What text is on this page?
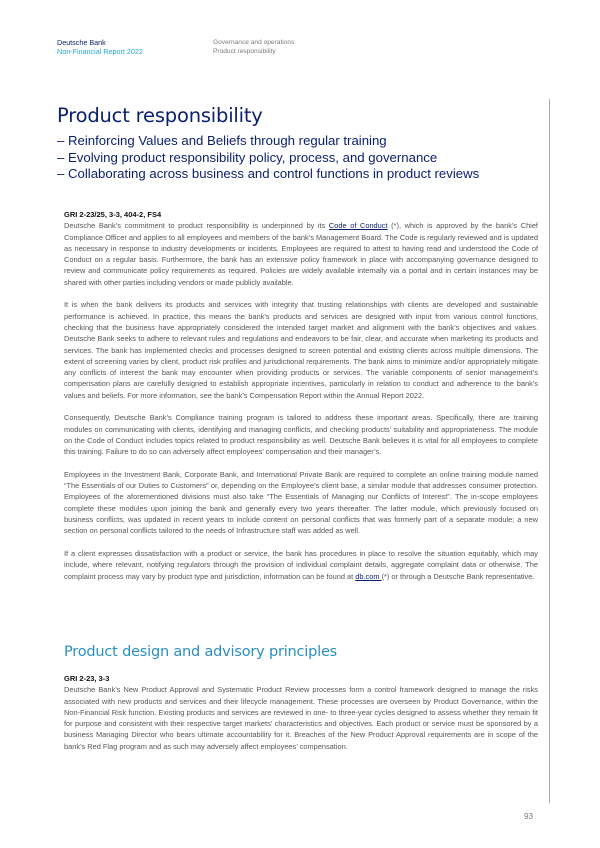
Deutsche Bank
Non-Financial Report 2022
Governance and operations
Product responsibility
Product responsibility
– Reinforcing Values and Beliefs through regular training
– Evolving product responsibility policy, process, and governance
– Collaborating across business and control functions in product reviews
GRI 2-23/25, 3-3, 404-2, FS4

Deutsche Bank’s commitment to product responsibility is underpinned by its Code of Conduct (*), which is approved by the bank’s Chief Compliance Officer and applies to all employees and members of the bank’s Management Board. The Code is regularly reviewed and is updated as necessary in response to industry developments or incidents. Employees are required to attest to having read and understood the Code of Conduct on a regular basis. Furthermore, the bank has an extensive policy framework in place with accompanying governance designed to review and communicate policy requirements as required. Policies are widely available internally via a portal and in certain instances may be shared with other parties including vendors or made publicly available.

It is when the bank delivers its products and services with integrity that trusting relationships with clients are developed and sustainable performance is achieved. In practice, this means the bank’s products and services are designed with input from various control functions, checking that the business have appropriately considered the intended target market and alignment with the bank’s objectives and values. Deutsche Bank seeks to adhere to relevant rules and regulations and endeavors to be fair, clear, and accurate when marketing its products and services. The bank has implemented checks and processes designed to screen potential and existing clients across multiple dimensions. The extent of screening varies by client, product risk profiles and jurisdictional requirements. The bank aims to minimize and/or appropriately mitigate any conflicts of interest the bank may encounter when providing products or services. The variable components of senior management’s compensation plans are carefully designed to establish appropriate incentives, particularly in relation to conduct and adherence to the bank’s values and beliefs. For more information, see the bank’s Compensation Report within the Annual Report 2022.

Consequently, Deutsche Bank’s Compliance training program is tailored to address these important areas. Specifically, there are training modules on communicating with clients, identifying and managing conflicts, and checking products’ suitability and appropriateness. The module on the Code of Conduct includes topics related to product responsibility as well. Deutsche Bank believes it is vital for all employees to complete this training. Failure to do so can adversely affect employees’ compensation and their manager’s.

Employees in the Investment Bank, Corporate Bank, and International Private Bank are required to complete an online training module named “The Essentials of our Duties to Customers” or, depending on the Employee’s client base, a similar module that addresses consumer protection. Employees of the aforementioned divisions must also take “The Essentials of Managing our Conflicts of Interest”. The in-scope employees complete these modules upon joining the bank and generally every two years thereafter. The latter module, which previously focused on business conflicts, was updated in recent years to include content on personal conflicts that was formerly part of a separate module; a new section on personal conflicts tailored to the needs of Infrastructure staff was added as well.

If a client expresses dissatisfaction with a product or service, the bank has procedures in place to resolve the situation equitably, which may include, where relevant, notifying regulators through the provision of individual complaint details, aggregate complaint data or otherwise. The complaint process may vary by product type and jurisdiction, information can be found at db.com (*) or through a Deutsche Bank representative.

Product design and advisory principles
GRI 2-23, 3-3

Deutsche Bank’s New Product Approval and Systematic Product Review processes form a control framework designed to manage the risks associated with new products and services and their lifecycle management. These processes are overseen by Product Governance, within the Non-Financial Risk function. Existing products and services are reviewed in one- to three-year cycles designed to assess whether they remain fit for purpose and consistent with their respective target markets’ characteristics and objectives. Each product or service must be sponsored by a business Managing Director who bears ultimate accountability for it. Breaches of the New Product Approval requirements are in scope of the bank’s Red Flag program and as such may adversely affect employees’ compensation.

93
